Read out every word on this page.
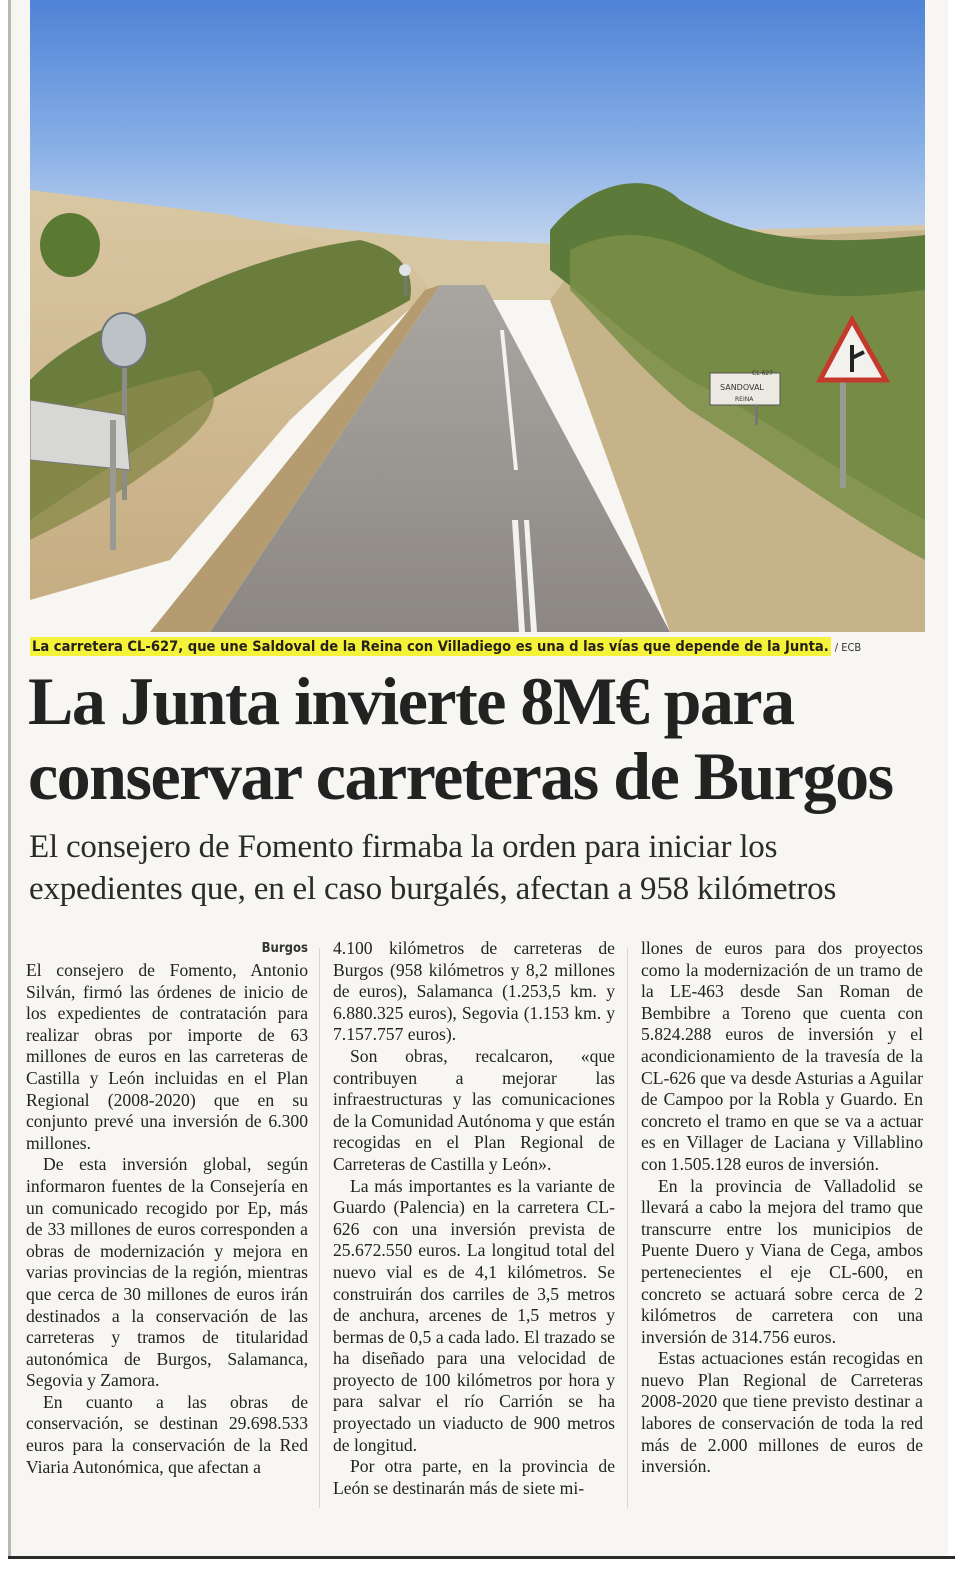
SANDOVAL
REINA
CL-627
La carretera CL-627, que une Saldoval de la Reina con Villadiego es una d las vías que depende de la Junta. / ECB
La Junta invierte 8M€ para
conservar carreteras de Burgos
El consejero de Fomento firmaba la orden para iniciar los
expedientes que, en el caso burgalés, afectan a 958 kilómetros
Burgos

El consejero de Fomento, Antonio Silván, firmó las órdenes de inicio de los expedientes de contratación para realizar obras por importe de 63 millones de euros en las carreteras de Castilla y León incluidas en el Plan Regional (2008-2020) que en su conjunto prevé una inversión de 6.300 millones.

De esta inversión global, según informaron fuentes de la Consejería en un comunicado recogido por Ep, más de 33 millones de euros corresponden a obras de modernización y mejora en varias provincias de la región, mientras que cerca de 30 millones de euros irán destinados a la conservación de las carreteras y tramos de titularidad autonómica de Burgos, Salamanca, Segovia y Zamora.

En cuanto a las obras de conservación, se destinan 29.698.533 euros para la conservación de la Red Viaria Autonómica, que afectan a

4.100 kilómetros de carreteras de Burgos (958 kilómetros y 8,2 millones de euros), Salamanca (1.253,5 km. y 6.880.325 euros), Segovia (1.153 km. y 7.157.757 euros).

Son obras, recalcaron, «que contribuyen a mejorar las infraestructuras y las comunicaciones de la Comunidad Autónoma y que están recogidas en el Plan Regional de Carreteras de Castilla y León».

La más importantes es la variante de Guardo (Palencia) en la carretera CL-626 con una inversión prevista de 25.672.550 euros. La longitud total del nuevo vial es de 4,1 kilómetros. Se construirán dos carriles de 3,5 metros de anchura, arcenes de 1,5 metros y bermas de 0,5 a cada lado. El trazado se ha diseñado para una velocidad de proyecto de 100 kilómetros por hora y para salvar el río Carrión se ha proyectado un viaducto de 900 metros de longitud.

Por otra parte, en la provincia de León se destinarán más de siete mi-

llones de euros para dos proyectos como la modernización de un tramo de la LE-463 desde San Roman de Bembibre a Toreno que cuenta con 5.824.288 euros de inversión y el acondicionamiento de la travesía de la CL-626 que va desde Asturias a Aguilar de Campoo por la Robla y Guardo. En concreto el tramo en que se va a actuar es en Villager de Laciana y Villablino con 1.505.128 euros de inversión.

En la provincia de Valladolid se llevará a cabo la mejora del tramo que transcurre entre los municipios de Puente Duero y Viana de Cega, ambos pertenecientes el eje CL-600, en concreto se actuará sobre cerca de 2 kilómetros de carretera con una inversión de 314.756 euros.

Estas actuaciones están recogidas en nuevo Plan Regional de Carreteras 2008-2020 que tiene previsto destinar a labores de conservación de toda la red más de 2.000 millones de euros de inversión.
